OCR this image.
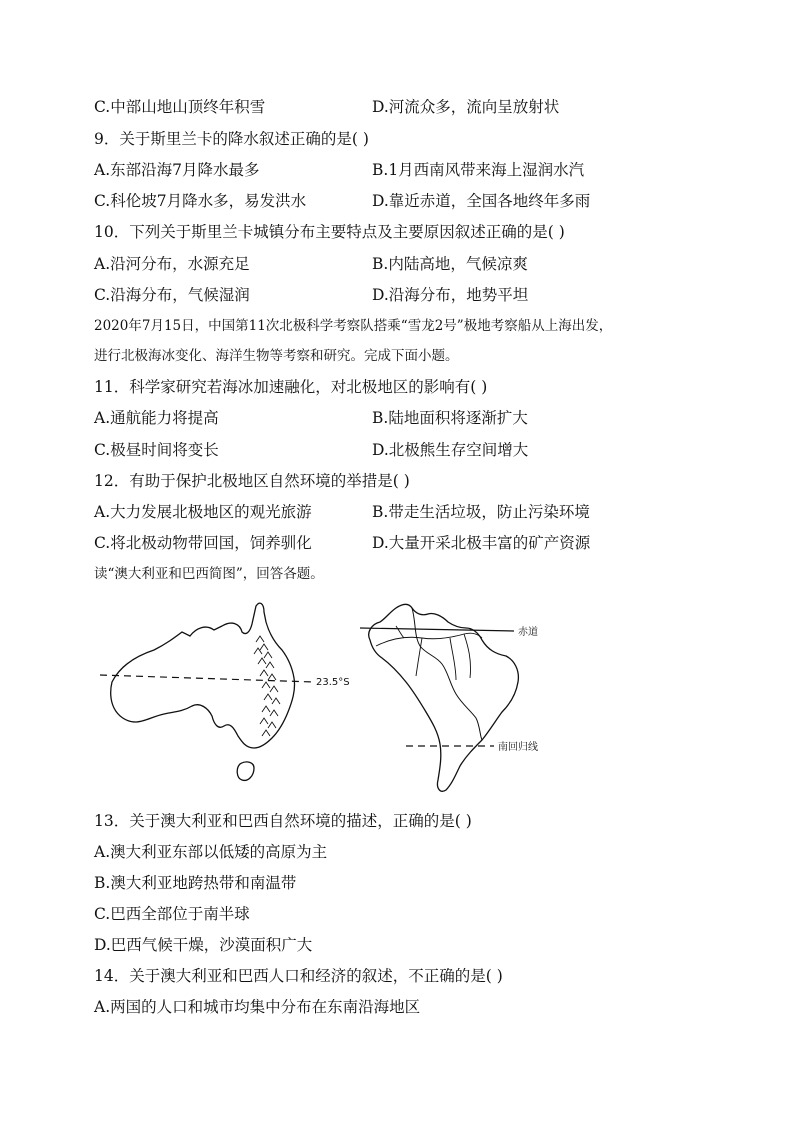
C.中部山地山顶终年积雪	D.河流众多，流向呈放射状
9．关于斯里兰卡的降水叙述正确的是( )
A.东部沿海7月降水最多	B.1月西南风带来海上湿润水汽
C.科伦坡7月降水多，易发洪水	D.靠近赤道，全国各地终年多雨
10．下列关于斯里兰卡城镇分布主要特点及主要原因叙述正确的是( )
A.沿河分布，水源充足	B.内陆高地，气候凉爽
C.沿海分布，气候湿润	D.沿海分布，地势平坦
2020年7月15日，中国第11次北极科学考察队搭乘“雪龙2号”极地考察船从上海出发，
进行北极海冰变化、海洋生物等考察和研究。完成下面小题。
11．科学家研究若海冰加速融化，对北极地区的影响有( )
A.通航能力将提高	B.陆地面积将逐渐扩大
C.极昼时间将变长	D.北极熊生存空间增大
12．有助于保护北极地区自然环境的举措是( )
A.大力发展北极地区的观光旅游	B.带走生活垃圾，防止污染环境
C.将北极动物带回国，饲养驯化	D.大量开采北极丰富的矿产资源
读“澳大利亚和巴西简图”，回答各题。
23.5°S
赤道
南回归线
13．关于澳大利亚和巴西自然环境的描述，正确的是( )
A.澳大利亚东部以低矮的高原为主
B.澳大利亚地跨热带和南温带
C.巴西全部位于南半球
D.巴西气候干燥，沙漠面积广大
14．关于澳大利亚和巴西人口和经济的叙述，不正确的是( )
A.两国的人口和城市均集中分布在东南沿海地区
